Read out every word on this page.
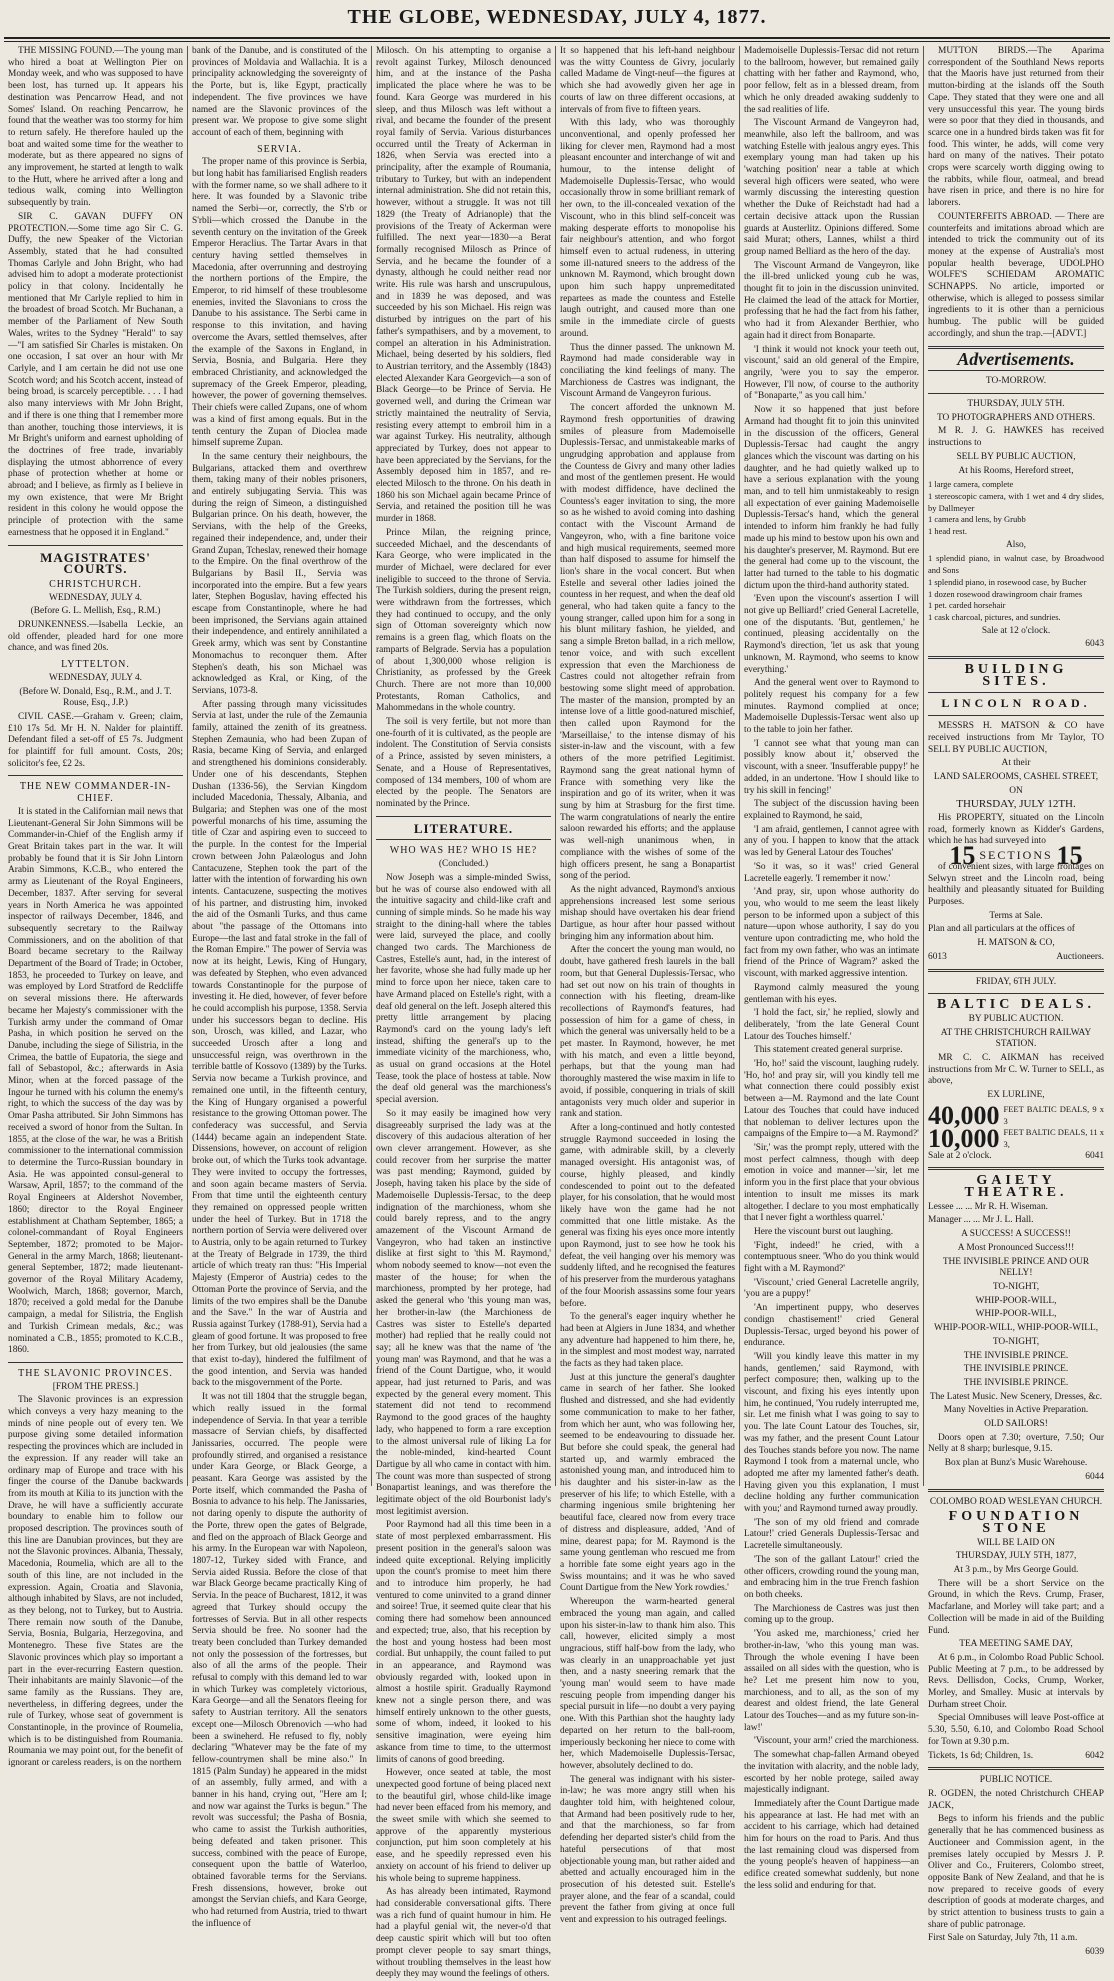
THE GLOBE, WEDNESDAY, JULY 4, 1877.

THE MISSING FOUND.—The young man who hired a boat at Wellington Pier on Monday week, and who was supposed to have been lost, has turned up. It appears his destination was Pencarrow Head, and not Somes' Island. On reaching Pencarrow, he found that the weather was too stormy for him to return safely. He therefore hauled up the boat and waited some time for the weather to moderate, but as there appeared no signs of any improvement, he started at length to walk to the Hutt, where he arrived after a long and tedious walk, coming into Wellington subsequently by train.

SIR C. GAVAN DUFFY ON PROTECTION.—Some time ago Sir C. G. Duffy, the new Speaker of the Victorian Assembly, stated that he had consulted Thomas Carlyle and John Bright, who had advised him to adopt a moderate protectionist policy in that colony. Incidentally he mentioned that Mr Carlyle replied to him in the broadest of broad Scotch. Mr Buchanan, a member of the Parliament of New South Wales, writes to the Sydney "Herald" to say—"I am satisfied Sir Charles is mistaken. On one occasion, I sat over an hour with Mr Carlyle, and I am certain he did not use one Scotch word; and his Scotch accent, instead of being broad, is scarcely perceptible. . . . I had also many interviews with Mr John Bright, and if there is one thing that I remember more than another, touching those interviews, it is Mr Bright's uniform and earnest upholding of the doctrines of free trade, invariably displaying the utmost abhorrence of every phase of protection whether at home or abroad; and I believe, as firmly as I believe in my own existence, that were Mr Bright resident in this colony he would oppose the principle of protection with the same earnestness that he opposed it in England."

MAGISTRATES' COURTS.
CHRISTCHURCH.

WEDNESDAY, JULY 4.

(Before G. L. Mellish, Esq., R.M.)

DRUNKENNESS.—Isabella Leckie, an old offender, pleaded hard for one more chance, and was fined 20s.

LYTTELTON.

WEDNESDAY, JULY 4.

(Before W. Donald, Esq., R.M., and J. T. Rouse, Esq., J.P.)

CIVIL CASE.—Graham v. Green; claim, £10 17s 5d. Mr H. N. Nalder for plaintiff. Defendant filed a set-off of £5 7s. Judgment for plaintiff for full amount. Costs, 20s; solicitor's fee, £2 2s.

THE NEW COMMANDER-IN-CHIEF.

It is stated in the Californian mail news that Lieutenant-General Sir John Simmons will be Commander-in-Chief of the English army if Great Britain takes part in the war. It will probably be found that it is Sir John Lintorn Arabin Simmons, K.C.B., who entered the army as Lieutenant of the Royal Engineers, December, 1837. After serving for several years in North America he was appointed inspector of railways December, 1846, and subsequently secretary to the Railway Commissioners, and on the abolition of that Board became secretary to the Railway Department of the Board of Trade; in October, 1853, he proceeded to Turkey on leave, and was employed by Lord Stratford de Redcliffe on several missions there. He afterwards became her Majesty's commissioner with the Turkish army under the command of Omar Pasha, in which position he served on the Danube, including the siege of Silistria, in the Crimea, the battle of Eupatoria, the siege and fall of Sebastopol, &c.; afterwards in Asia Minor, when at the forced passage of the Ingour he turned with his column the enemy's right, to which the success of the day was by Omar Pasha attributed. Sir John Simmons has received a sword of honor from the Sultan. In 1855, at the close of the war, he was a British commissioner to the international commission to determine the Turco-Russian boundary in Asia. He was appointed consul-general to Warsaw, April, 1857; to the command of the Royal Engineers at Aldershot November, 1860; director to the Royal Engineer establishment at Chatham September, 1865; a colonel-commandant of Royal Engineers September, 1872; promoted to be Major-General in the army March, 1868; lieutenant-general September, 1872; made lieutenant-governor of the Royal Military Academy, Woolwich, March, 1868; governor, March, 1870; received a gold medal for the Danube campaign, a medal for Silistria, the English and Turkish Crimean medals, &c.; was nominated a C.B., 1855; promoted to K.C.B., 1860.

THE SLAVONIC PROVINCES.

[FROM THE PRESS.]

The Slavonic provinces is an expression which conveys a very hazy meaning to the minds of nine people out of every ten. We purpose giving some detailed information respecting the provinces which are included in the expression. If any reader will take an ordinary map of Europe and trace with his finger the course of the Danube backwards from its mouth at Kilia to its junction with the Drave, he will have a sufficiently accurate boundary to enable him to follow our proposed description. The provinces south of this line are Danubian provinces, but they are not the Slavonic provinces. Albania, Thessaly, Macedonia, Roumelia, which are all to the south of this line, are not included in the expression. Again, Croatia and Slavonia, although inhabited by Slavs, are not included, as they belong, not to Turkey, but to Austria. There remain now south of the Danube, Servia, Bosnia, Bulgaria, Herzegovina, and Montenegro. These five States are the Slavonic provinces which play so important a part in the ever-recurring Eastern question. Their inhabitants are mainly Slavonic—of the same family as the Russians. They are, nevertheless, in differing degrees, under the rule of Turkey, whose seat of government is Constantinople, in the province of Roumelia, which is to be distinguished from Roumania. Roumania we may point out, for the benefit of ignorant or careless readers, is on the northern

bank of the Danube, and is constituted of the provinces of Moldavia and Wallachia. It is a principality acknowledging the sovereignty of the Porte, but is, like Egypt, practically independent. The five provinces we have named are the Slavonic provinces of the present war. We propose to give some slight account of each of them, beginning with

SERVIA.

The proper name of this province is Serbia, but long habit has familiarised English readers with the former name, so we shall adhere to it here. It was founded by a Slavonic tribe named the Serbi—or, correctly, the S'rb or S'rbli—which crossed the Danube in the seventh century on the invitation of the Greek Emperor Heraclius. The Tartar Avars in that century having settled themselves in Macedonia, after overrunning and destroying the northern portions of the Empire, the Emperor, to rid himself of these troublesome enemies, invited the Slavonians to cross the Danube to his assistance. The Serbi came in response to this invitation, and having overcome the Avars, settled themselves, after the example of the Saxons in England, in Servia, Bosnia, and Bulgaria. Here they embraced Christianity, and acknowledged the supremacy of the Greek Emperor, pleading, however, the power of governing themselves. Their chiefs were called Zupans, one of whom was a kind of first among equals. But in the tenth century the Zupan of Dioclea made himself supreme Zupan.

In the same century their neighbours, the Bulgarians, attacked them and overthrew them, taking many of their nobles prisoners, and entirely subjugating Servia. This was during the reign of Simeon, a distinguished Bulgarian prince. On his death, however, the Servians, with the help of the Greeks, regained their independence, and, under their Grand Zupan, Tcheslav, renewed their homage to the Empire. On the final overthrow of the Bulgarians by Basil II., Servia was incorporated into the empire. But a few years later, Stephen Boguslav, having effected his escape from Constantinople, where he had been imprisoned, the Servians again attained their independence, and entirely annihilated a Greek army, which was sent by Constantine Monomachus to reconquer them. After Stephen's death, his son Michael was acknowledged as Kral, or King, of the Servians, 1073-8.

After passing through many vicissitudes Servia at last, under the rule of the Zemaunia family, attained the zenith of its greatness. Stephen Zemaunia, who had been Zupan of Rasia, became King of Servia, and enlarged and strengthened his dominions considerably. Under one of his descendants, Stephen Dushan (1336-56), the Servian Kingdom included Macedonia, Thessaly, Albania, and Bulgaria; and Stephen was one of the most powerful monarchs of his time, assuming the title of Czar and aspiring even to succeed to the purple. In the contest for the Imperial crown between John Palæologus and John Cantacuzene, Stephen took the part of the latter with the intention of forwarding his own intents. Cantacuzene, suspecting the motives of his partner, and distrusting him, invoked the aid of the Osmanli Turks, and thus came about "the passage of the Ottomans into Europe—the last and fatal stroke in the fall of the Roman Empire." The power of Servia was now at its height, Lewis, King of Hungary, was defeated by Stephen, who even advanced towards Constantinople for the purpose of investing it. He died, however, of fever before he could accomplish his purpose, 1358. Servia under his successors began to decline. His son, Urosch, was killed, and Lazar, who succeeded Urosch after a long and unsuccessful reign, was overthrown in the terrible battle of Kossovo (1389) by the Turks. Servia now became a Turkish province, and remained one until, in the fifteenth century, the King of Hungary organised a powerful resistance to the growing Ottoman power. The confederacy was successful, and Servia (1444) became again an independent State. Dissensions, however, on account of religion broke out, of which the Turks took advantage. They were invited to occupy the fortresses, and soon again became masters of Servia. From that time until the eighteenth century they remained on oppressed people written under the heel of Turkey. But in 1718 the northern portion of Servia were delivered over to Austria, only to be again returned to Turkey at the Treaty of Belgrade in 1739, the third article of which treaty ran thus: "His Imperial Majesty (Emperor of Austria) cedes to the Ottoman Porte the province of Servia, and the limits of the two empires shall be the Danube and the Save." In the war of Austria and Russia against Turkey (1788-91), Servia had a gleam of good fortune. It was proposed to free her from Turkey, but old jealousies (the same that exist to-day), hindered the fulfilment of the good intention, and Servia was handed back to the misgovernment of the Porte.

It was not till 1804 that the struggle began, which really issued in the formal independence of Servia. In that year a terrible massacre of Servian chiefs, by disaffected Janissaries, occurred. The people were profoundly stirred, and organised a resistance under Kara George, or Black George, a peasant. Kara George was assisted by the Porte itself, which commanded the Pasha of Bosnia to advance to his help. The Janissaries, not daring openly to dispute the authority of the Porte, threw open the gates of Belgrade, and fled on the approach of Black George and his army. In the European war with Napoleon, 1807-12, Turkey sided with France, and Servia aided Russia. Before the close of that war Black George became practically King of Servia. In the peace of Bucharest, 1812, it was agreed that Turkey should occupy the fortresses of Servia. But in all other respects Servia should be free. No sooner had the treaty been concluded than Turkey demanded not only the possession of the fortresses, but also of all the arms of the people. Their refusal to comply with this demand led to war in which Turkey was completely victorious, Kara George—and all the Senators fleeing for safety to Austrian territory. All the senators except one—Milosch Obrenovich —who had been a swineherd. He refused to fly, nobly declaring "Whatever may be the fate of my fellow-countrymen shall be mine also." In 1815 (Palm Sunday) he appeared in the midst of an assembly, fully armed, and with a banner in his hand, crying out, "Here am I; and now war against the Turks is begun." The revolt was successful; the Pasha of Bosnia, who came to assist the Turkish authorities, being defeated and taken prisoner. This success, combined with the peace of Europe, consequent upon the battle of Waterloo, obtained favorable terms for the Servians. Fresh dissensions, however, broke out amongst the Servian chiefs, and Kara George, who had returned from Austria, tried to thwart the influence of

Milosch. On his attempting to organise a revolt against Turkey, Milosch denounced him, and at the instance of the Pasha implicated the place where he was to be found. Kara George was murdered in his sleep, and thus Milosch was left without a rival, and became the founder of the present royal family of Servia. Various disturbances occurred until the Treaty of Ackerman in 1826, when Servia was erected into a principality, after the example of Roumania, tributary to Turkey, but with an independent internal administration. She did not retain this, however, without a struggle. It was not till 1829 (the Treaty of Adrianople) that the provisions of the Treaty of Ackerman were fulfilled. The next year—1830—a Berat formally recognised Milosch as Prince of Servia, and he became the founder of a dynasty, although he could neither read nor write. His rule was harsh and unscrupulous, and in 1839 he was deposed, and was succeeded by his son Michael. His reign was disturbed by intrigues on the part of his father's sympathisers, and by a movement, to compel an alteration in his Administration. Michael, being deserted by his soldiers, fled to Austrian territory, and the Assembly (1843) elected Alexander Kara Georgevich—a son of Black George—to be Prince of Servia. He governed well, and during the Crimean war strictly maintained the neutrality of Servia, resisting every attempt to embroil him in a war against Turkey. His neutrality, although appreciated by Turkey, does not appear to have been appreciated by the Servians, for the Assembly deposed him in 1857, and re-elected Milosch to the throne. On his death in 1860 his son Michael again became Prince of Servia, and retained the position till he was murder in 1868.

Prince Milan, the reigning prince, succeeded Michael, and the descendants of Kara George, who were implicated in the murder of Michael, were declared for ever ineligible to succeed to the throne of Servia. The Turkish soldiers, during the present reign, were withdrawn from the fortresses, which they had continued to occupy, and the only sign of Ottoman sovereignty which now remains is a green flag, which floats on the ramparts of Belgrade. Servia has a population of about 1,300,000 whose religion is Christianity, as professed by the Greek Church. There are not more than 10,000 Protestants, Roman Catholics, and Mahommedans in the whole country.

The soil is very fertile, but not more than one-fourth of it is cultivated, as the people are indolent. The Constitution of Servia consists of a Prince, assisted by seven ministers, a Senate, and a House of Representatives, composed of 134 members, 100 of whom are elected by the people. The Senators are nominated by the Prince.

LITERATURE.
WHO WAS HE? WHO IS HE?

(Concluded.)

Now Joseph was a simple-minded Swiss, but he was of course also endowed with all the intuitive sagacity and child-like craft and cunning of simple minds. So he made his way straight to the dining-hall where the tables were laid, surveyed the place, and coolly changed two cards. The Marchioness de Castres, Estelle's aunt, had, in the interest of her favorite, whose she had fully made up her mind to force upon her niece, taken care to have Armand placed on Estelle's right, with a deaf old general on the left. Joseph altered this pretty little arrangement by placing Raymond's card on the young lady's left instead, shifting the general's up to the immediate vicinity of the marchioness, who, as usual on grand occasions at the Hotel Tease, took the place of hostess at table. Now the deaf old general was the marchioness's special aversion.

So it may easily be imagined how very disagreeably surprised the lady was at the discovery of this audacious alteration of her own clever arrangement. However, as she could recover from her surprise the matter was past mending; Raymond, guided by Joseph, having taken his place by the side of Mademoiselle Duplessis-Tersac, to the deep indignation of the marchioness, whom she could barely repress, and to the angry amazement of the Viscount Armand de Vangeyron, who had taken an instinctive dislike at first sight to 'this M. Raymond,' whom nobody seemed to know—not even the master of the house; for when the marchioness, prompted by her protege, had asked the general who 'this young man was, her brother-in-law (the Marchioness de Castres was sister to Estelle's departed mother) had replied that he really could not say; all he knew was that the name of 'the young man' was Raymond, and that he was a friend of the Count Dartigue, who, it would appear, had just returned to Paris, and was expected by the general every moment. This statement did not tend to recommend Raymond to the good graces of the haughty lady, who happened to form a rare exception to the almost universal rule of liking La for the noble-minded, kind-hearted Count Dartigue by all who came in contact with him. The count was more than suspected of strong Bonapartist leanings, and was therefore the legitimate object of the old Bourbonist lady's most legitimist aversion.

Poor Raymond had all this time been in a state of most perplexed embarrassment. His present position in the general's saloon was indeed quite exceptional. Relying implicitly upon the count's promise to meet him there and to introduce him properly, he had ventured to come uninvited to a grand dinner and soiree! True, it seemed quite clear that his coming there had somehow been announced and expected; true, also, that his reception by the host and young hostess had been most cordial. But unhappily, the count failed to put in an appearance, and Raymond was obviously regarded with, looked upon in almost a hostile spirit. Gradually Raymond knew not a single person there, and was himself entirely unknown to the other guests, some of whom, indeed, it looked to his sensitive imagination, were eyeing him askance from time to time, to the uttermost limits of canons of good breeding.

However, once seated at table, the most unexpected good fortune of being placed next to the beautiful girl, whose child-like image had never been effaced from his memory, and the sweet smile with which she seemed to approve of the apparently mysterious conjunction, put him soon completely at his ease, and he speedily repressed even his anxiety on account of his friend to deliver up his whole being to supreme happiness.

As has already been intimated, Raymond had considerable conversational gifts. There was a rich fund of quaint humour in him. He had a playful genial wit, the never-o'd that deep caustic spirit which will but too often prompt clever people to say smart things, without troubling themselves in the least how deeply they may wound the feelings of others.

It so happened that his left-hand neighbour was the witty Countess de Givry, jocularly called Madame de Vingt-neuf—the figures at which she had avowedly given her age in courts of law on three different occasions, at intervals of from five to fifteen years.

With this lady, who was thoroughly unconventional, and openly professed her liking for clever men, Raymond had a most pleasant encounter and interchange of wit and humour, to the intense delight of Mademoiselle Duplessis-Tersac, who would occasionally throw in some brilliant remark of her own, to the ill-concealed vexation of the Viscount, who in this blind self-conceit was making desperate efforts to monopolise his fair neighbour's attention, and who forgot himself even to actual rudeness, in uttering some ill-natured sneers to the address of the unknown M. Raymond, which brought down upon him such happy unpremeditated repartees as made the countess and Estelle laugh outright, and caused more than one smile in the immediate circle of guests around.

Thus the dinner passed. The unknown M. Raymond had made considerable way in conciliating the kind feelings of many. The Marchioness de Castres was indignant, the Viscount Armand de Vangeyron furious.

The concert afforded the unknown M. Raymond fresh opportunities of drawing smiles of pleasure from Mademoiselle Duplessis-Tersac, and unmistakeable marks of ungrudging approbation and applause from the Countess de Givry and many other ladies and most of the gentlemen present. He would with modest diffidence, have declined the Countess's eager invitation to sing, the more so as he wished to avoid coming into dashing contact with the Viscount Armand de Vangeyron, who, with a fine baritone voice and high musical requirements, seemed more than half disposed to assume for himself the lion's share in the vocal concert. But when Estelle and several other ladies joined the countess in her request, and when the deaf old general, who had taken quite a fancy to the young stranger, called upon him for a song in his blunt military fashion, he yielded, and sang a simple Breton ballad, in a rich mellow, tenor voice, and with such excellent expression that even the Marchioness de Castres could not altogether refrain from bestowing some slight meed of approbation. The master of the mansion, prompted by an intense love of a little good-natured mischief, then called upon Raymond for the 'Marseillaise,' to the intense dismay of his sister-in-law and the viscount, with a few others of the more petrified Legitimist. Raymond sang the great national hymn of France with something very like the inspiration and go of its writer, when it was sung by him at Strasburg for the first time. The warm congratulations of nearly the entire saloon rewarded his efforts; and the applause was well-nigh unanimous when, in compliance with the wishes of some of the high officers present, he sang a Bonapartist song of the period.

As the night advanced, Raymond's anxious apprehensions increased lest some serious mishap should have overtaken his dear friend Dartigue, as hour after hour passed without bringing him any information about him.

After the concert the young man would, no doubt, have gathered fresh laurels in the ball room, but that General Duplessis-Tersac, who had set out now on his train of thoughts in connection with his fleeting, dream-like recollections of Raymond's features, had possession of him for a game of chess, in which the general was universally held to be a pet master. In Raymond, however, he met with his match, and even a little beyond, perhaps, but that the young man had thoroughly mastered the wise maxim in life to avoid, if possible, conquering in trials of skill antagonists very much older and superior in rank and station.

After a long-continued and hotly contested struggle Raymond succeeded in losing the game, with admirable skill, by a cleverly managed oversight. His antagonist was, of course, highly pleased, and kindly condescended to point out to the defeated player, for his consolation, that he would most likely have won the game had he not committed that one little mistake. As the general was fixing his eyes once more intently upon Raymond, just to see how he took his defeat, the veil hanging over his memory was suddenly lifted, and he recognised the features of his preserver from the murderous yataghans of the four Moorish assassins some four years before.

To the general's eager inquiry whether he had been at Algiers in June 1834, and whether any adventure had happened to him there, he, in the simplest and most modest way, narrated the facts as they had taken place.

Just at this juncture the general's daughter came in search of her father. She looked flushed and distressed, and she had evidently some communication to make to her father, from which her aunt, who was following her, seemed to be endeavouring to dissuade her. But before she could speak, the general had started up, and warmly embraced the astonished young man, and introduced him to his daughter and his sister-in-law as the preserver of his life; to which Estelle, with a charming ingenious smile brightening her beautiful face, cleared now from every trace of distress and displeasure, added, 'And of mine, dearest papa; for M. Raymond is the same young gentleman who rescued me from a horrible fate some eight years ago in the Swiss mountains; and it was he who saved Count Dartigue from the New York rowdies.'

Whereupon the warm-hearted general embraced the young man again, and called upon his sister-in-law to thank him also. This call, however, elicited simply a most ungracious, stiff half-bow from the lady, who was clearly in an unapproachable yet just then, and a nasty sneering remark that the 'young man' would seem to have made rescuing people from impending danger his special pursuit in life—no doubt a very paying one. With this Parthian shot the haughty lady departed on her return to the ball-room, imperiously beckoning her niece to come with her, which Mademoiselle Duplessis-Tersac, however, absolutely declined to do.

The general was indignant with his sister-in-law; he was more angry still when his daughter told him, with heightened colour, that Armand had been positively rude to her, and that the marchioness, so far from defending her departed sister's child from the hateful persecutions of that most objectionable young man, but rather aided and abetted and actually encouraged him in the prosecution of his detested suit. Estelle's prayer alone, and the fear of a scandal, could prevent the father from giving at once full vent and expression to his outraged feelings.

Mademoiselle Duplessis-Tersac did not return to the ballroom, however, but remained gaily chatting with her father and Raymond, who, poor fellow, felt as in a blessed dream, from which he only dreaded awaking suddenly to the sad realities of life.

The Viscount Armand de Vangeyron had, meanwhile, also left the ballroom, and was watching Estelle with jealous angry eyes. This exemplary young man had taken up his 'watching position' near a table at which several high officers were seated, who were warmly discussing the interesting question whether the Duke of Reichstadt had had a certain decisive attack upon the Russian guards at Austerlitz. Opinions differed. Some said Murat; others, Lannes, whilst a third group named Belliard as the hero of the day.

The Viscount Armand de Vangeyron, like the ill-bred unlicked young cub he was, thought fit to join in the discussion uninvited. He claimed the lead of the attack for Mortier, professing that he had the fact from his father, who had it from Alexander Berthier, who again had it direct from Bonaparte.

'I think it would not knock your teeth out, viscount,' said an old general of the Empire, angrily, 'were you to say the emperor. However, I'll now, of course to the authority of "Bonaparte," as you call him.'

Now it so happened that just before Armand had thought fit to join this uninvited in the discussion of the officers, General Duplessis-Tersac had caught the angry glances which the viscount was darting on his daughter, and he had quietly walked up to have a serious explanation with the young man, and to tell him unmistakeably to resign all expectation of ever gaining Mademoiselle Duplessis-Tersac's hand, which the general intended to inform him frankly he had fully made up his mind to bestow upon his own and his daughter's preserver, M. Raymond. But ere the general had come up to the viscount, the latter had turned to the table to his dogmatic dictum upon the third-hand authority stated.

'Even upon the viscount's assertion I will not give up Belliard!' cried General Lacretelle, one of the disputants. 'But, gentlemen,' he continued, pleasing accidentally on the Raymond's direction, 'let us ask that young unknown, M. Raymond, who seems to know everything.'

And the general went over to Raymond to politely request his company for a few minutes. Raymond complied at once; Mademoiselle Duplessis-Tersac went also up to the table to join her father.

'I cannot see what that young man can possibly know about it,' observed the viscount, with a sneer. 'Insufferable puppy!' he added, in an undertone. 'How I should like to try his skill in fencing!'

The subject of the discussion having been explained to Raymond, he said,

'I am afraid, gentlemen, I cannot agree with any of you. I happen to know that the attack was led by General Latour des Touches'

'So it was, so it was!' cried General Lacretelle eagerly. 'I remember it now.'

'And pray, sir, upon whose authority do you, who would to me seem the least likely person to be informed upon a subject of this nature—upon whose authority, I say do you venture upon contradicting me, who hold the fact from my own father, who was an intimate friend of the Prince of Wagram?' asked the viscount, with marked aggressive intention.

Raymond calmly measured the young gentleman with his eyes.

'I hold the fact, sir,' he replied, slowly and deliberately, 'from the late General Count Latour des Touches himself.'

This statement created general surprise.

'Ho, ho!' said the viscount, laughing rudely. 'Ho, ho! and pray sir, will you kindly tell me what connection there could possibly exist between a—M. Raymond and the late Count Latour des Touches that could have induced that nobleman to deliver lectures upon the campaigns of the Empire to—a M. Raymond?'

'Sir,' was the prompt reply, uttered with the most perfect calmness, though with deep emotion in voice and manner—'sir, let me inform you in the first place that your obvious intention to insult me misses its mark altogether. I declare to you most emphatically that I never fight a worthless quarrel.'

Here the viscount burst out laughing.

'Fight, indeed!' he cried, with a contemptuous sneer. 'Who do you think would fight with a M. Raymond?'

'Viscount,' cried General Lacretelle angrily, 'you are a puppy!'

'An impertinent puppy, who deserves condign chastisement!' cried General Duplessis-Tersac, urged beyond his power of endurance.

'Will you kindly leave this matter in my hands, gentlemen,' said Raymond, with perfect composure; then, walking up to the viscount, and fixing his eyes intently upon him, he continued, 'You rudely interrupted me, sir. Let me finish what I was going to say to you. The late Count Latour des Touches, sir, was my father, and the present Count Latour des Touches stands before you now. The name Raymond I took from a maternal uncle, who adopted me after my lamented father's death. Having given you this explanation, I must decline holding any further communication with you;' and Raymond turned away proudly.

'The son of my old friend and comrade Latour!' cried Generals Duplessis-Tersac and Lacretelle simultaneously.

'The son of the gallant Latour!' cried the other officers, crowding round the young man, and embracing him in the true French fashion on both cheeks.

The Marchioness de Castres was just then coming up to the group.

'You asked me, marchioness,' cried her brother-in-law, 'who this young man was. Through the whole evening I have been assailed on all sides with the question, who is he? Let me present him now to you, marchioness, and to all, as the son of my dearest and oldest friend, the late General Latour des Touches—and as my future son-in-law!'

'Viscount, your arm!' cried the marchioness.

The somewhat chap-fallen Armand obeyed the invitation with alacrity, and the noble lady, escorted by her noble protege, sailed away majestically indignant.

Immediately after the Count Dartigue made his appearance at last. He had met with an accident to his carriage, which had detained him for hours on the road to Paris. And thus the last remaining cloud was dispersed from the young people's heaven of happiness—an edifice created somewhat suddenly, but none the less solid and enduring for that.

MUTTON BIRDS.—The Aparima correspondent of the Southland News reports that the Maoris have just returned from their mutton-birding at the islands off the South Cape. They stated that they were one and all very unsuccessful this year. The young birds were so poor that they died in thousands, and scarce one in a hundred birds taken was fit for food. This winter, he adds, will come very hard on many of the natives. Their potato crops were scarcely worth digging owing to the rabbits, while flour, oatmeal, and bread have risen in price, and there is no hire for laborers.

COUNTERFEITS ABROAD. — There are counterfeits and imitations abroad which are intended to trick the community out of its money at the expense of Australia's most popular health beverage, UDOLPHO WOLFE'S SCHIEDAM AROMATIC SCHNAPPS. No article, imported or otherwise, which is alleged to possess similar ingredients to it is other than a pernicious humbug. The public will be guided accordingly, and shun the trap.—[ADVT.]

Advertisements.

TO-MORROW.

THURSDAY, JULY 5TH.

TO PHOTOGRAPHERS AND OTHERS.

M R. J. G. HAWKES has received instructions to

SELL BY PUBLIC AUCTION,

At his Rooms, Hereford street,

1 large camera, complete
1 stereoscopic camera, with 1 wet and 4 dry slides, by Dallmeyer
1 camera and lens, by Grubb
1 head rest.

Also,

1 splendid piano, in walnut case, by Broadwood and Sons
1 splendid piano, in rosewood case, by Bucher
1 dozen rosewood drawingroom chair frames
1 pet. carded horsehair
1 cask charcoal, pictures, and sundries.

Sale at 12 o'clock.

6043

BUILDING SITES.
LINCOLN ROAD.

MESSRS H. MATSON & CO have received instructions from Mr Taylor, TO SELL BY PUBLIC AUCTION,

At their

LAND SALEROOMS, CASHEL STREET,

ON

THURSDAY, JULY 12TH.

His PROPERTY, situated on the Lincoln road, formerly known as Kidder's Gardens, which he has had surveyed into

15 SECTIONS 15

of convenient sizes, with large frontages on Selwyn street and the Lincoln road, being healthily and pleasantly situated for Building Purposes.

Terms at Sale.

Plan and all particulars at the offices of

H. MATSON & CO,

6013	Auctioneers.

FRIDAY, 6TH JULY.

BALTIC DEALS.

BY PUBLIC AUCTION.

AT THE CHRISTCHURCH RAILWAY STATION.

MR C. C. AIKMAN has received instructions from Mr C. W. Turner to SELL, as above,

EX LURLINE,

40,000 FEET BALTIC DEALS, 9 x 3
10,000 FEET BALTIC DEALS, 11 x 3,
Sale at 2 o'clock.	6041
GAIETY THEATRE.

Lessee ... ... Mr R. H. Wiseman.

Manager ... ... Mr J. L. Hall.

A SUCCESS! A SUCCESS!!

A Most Pronounced Success!!!

THE INVISIBLE PRINCE AND OUR NELLY!

TO-NIGHT,

WHIP-POOR-WILL,

WHIP-POOR-WILL,

WHIP-POOR-WILL, WHIP-POOR-WILL,

TO-NIGHT,

THE INVISIBLE PRINCE.

THE INVISIBLE PRINCE.

THE INVISIBLE PRINCE.

The Latest Music. New Scenery, Dresses, &c.

Many Novelties in Active Preparation.

OLD SAILORS!

Doors open at 7.30; overture, 7.50; Our Nelly at 8 sharp; burlesque, 9.15.

Box plan at Bunz's Music Warehouse.

6044

COLOMBO ROAD WESLEYAN CHURCH.

FOUNDATION STONE

WILL BE LAID ON

THURSDAY, JULY 5TH, 1877,

At 3 p.m., by Mrs George Gould.

There will be a short Service on the Ground, in which the Revs. Crump, Fraser, Macfarlane, and Morley will take part; and a Collection will be made in aid of the Building Fund.

TEA MEETING SAME DAY,

At 6 p.m., in Colombo Road Public School. Public Meeting at 7 p.m., to be addressed by Revs. Dellisdon, Cocks, Crump, Worker, Morley, and Smalley. Music at intervals by Durham street Choir.

Special Omnibuses will leave Post-office at 5.30, 5.50, 6.10, and Colombo Road School for Town at 9.30 p.m.

Tickets, 1s 6d; Children, 1s.	6042

PUBLIC NOTICE.

R. OGDEN, the noted Christchurch CHEAP JACK,

Begs to inform his friends and the public generally that he has commenced business as Auctioneer and Commission agent, in the premises lately occupied by Messrs J. P. Oliver and Co., Fruiterers, Colombo street, opposite Bank of New Zealand, and that he is now prepared to receive goods of every description of goods at moderate charges, and by strict attention to business trusts to gain a share of public patronage.

First Sale on Saturday, July 7th, 11 a.m.

6039
